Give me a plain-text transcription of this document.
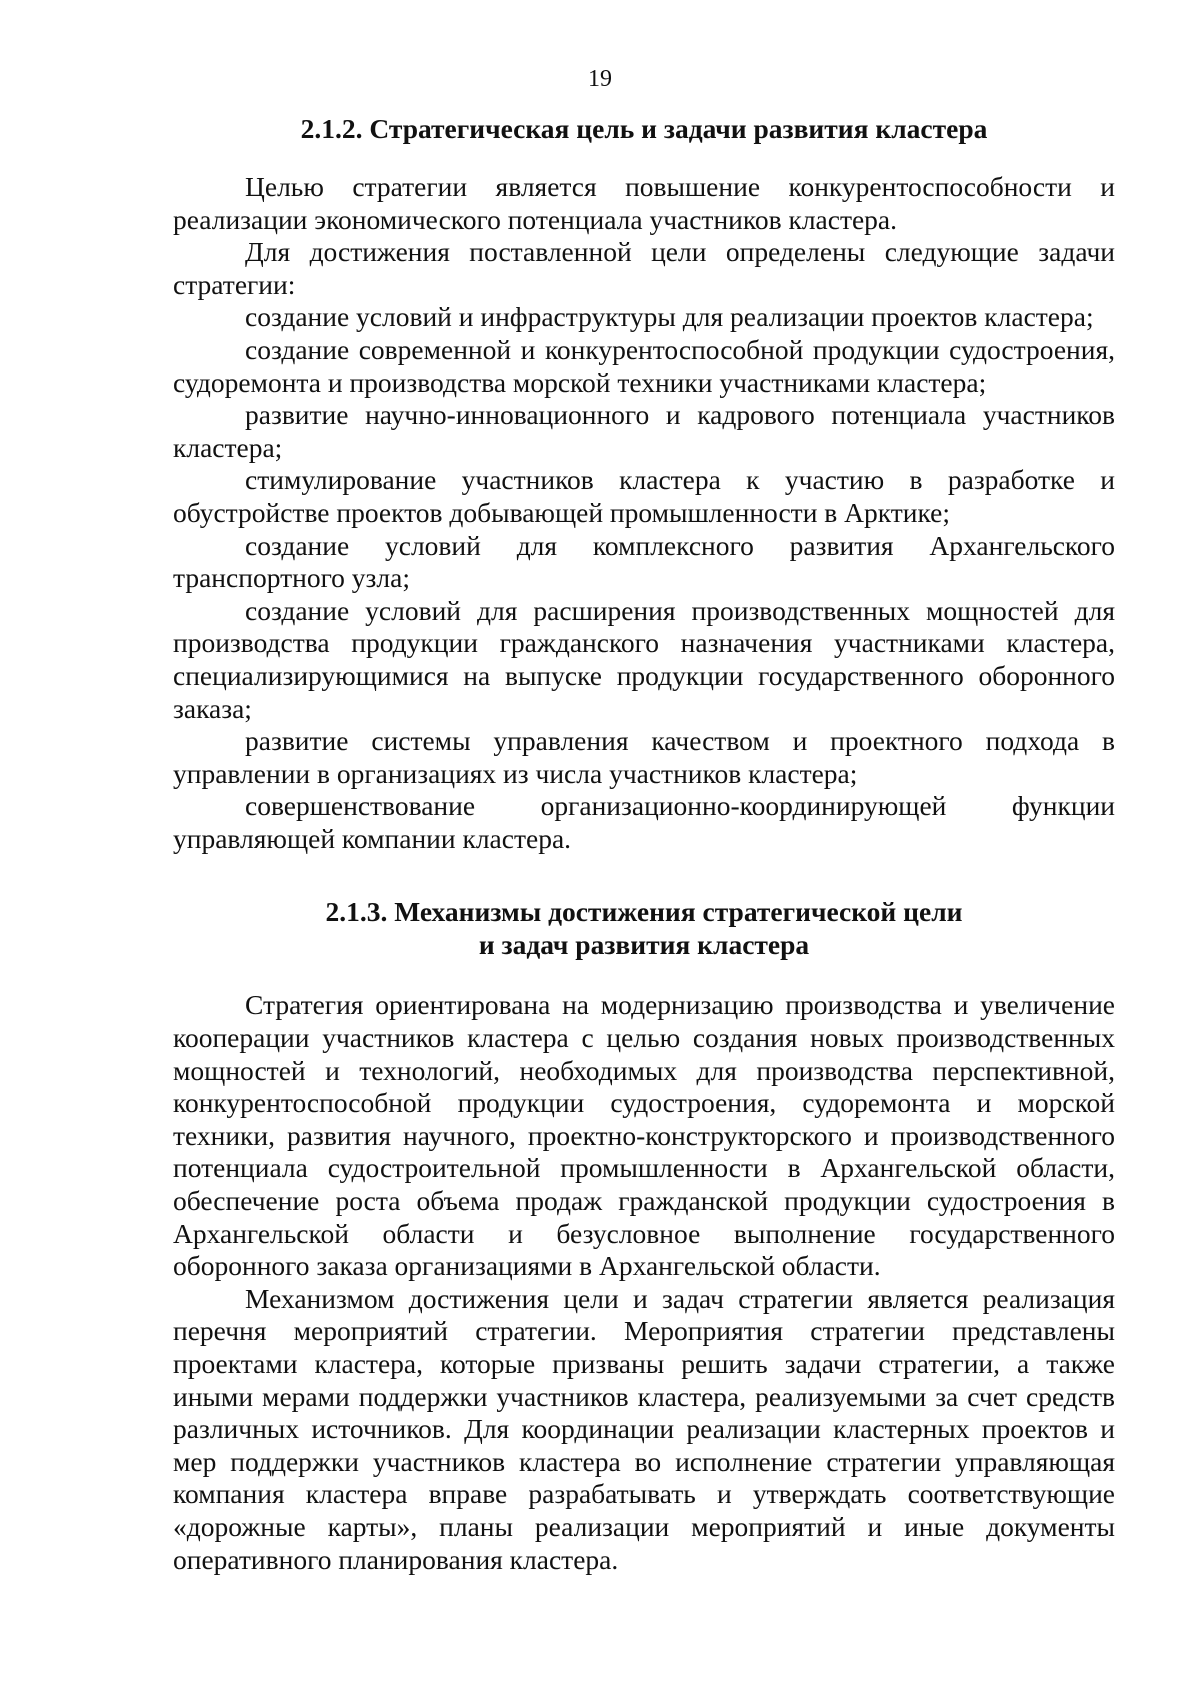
19
2.1.2. Стратегическая цель и задачи развития кластера

Целью стратегии является повышение конкурентоспособности и реализации экономического потенциала участников кластера.

Для достижения поставленной цели определены следующие задачи стратегии:

создание условий и инфраструктуры для реализации проектов кластера;

создание современной и конкурентоспособной продукции судостроения, судоремонта и производства морской техники участниками кластера;

развитие научно-инновационного и кадрового потенциала участников кластера;

стимулирование участников кластера к участию в разработке и обустройстве проектов добывающей промышленности в Арктике;

создание условий для комплексного развития Архангельского транспортного узла;

создание условий для расширения производственных мощностей для производства продукции гражданского назначения участниками кластера, специализирующимися на выпуске продукции государственного оборонного заказа;

развитие системы управления качеством и проектного подхода в управлении в организациях из числа участников кластера;

совершенствование организационно-координирующей функции управляющей компании кластера.

2.1.3. Механизмы достижения стратегической цели
и задач развития кластера

Стратегия ориентирована на модернизацию производства и увеличение кооперации участников кластера с целью создания новых производственных мощностей и технологий, необходимых для производства перспективной, конкурентоспособной продукции судостроения, судоремонта и морской техники, развития научного, проектно-конструкторского и производственного потенциала судостроительной промышленности в Архангельской области, обеспечение роста объема продаж гражданской продукции судостроения в Архангельской области и безусловное выполнение государственного оборонного заказа организациями в Архангельской области.

Механизмом достижения цели и задач стратегии является реализация перечня мероприятий стратегии. Мероприятия стратегии представлены проектами кластера, которые призваны решить задачи стратегии, а также иными мерами поддержки участников кластера, реализуемыми за счет средств различных источников. Для координации реализации кластерных проектов и мер поддержки участников кластера во исполнение стратегии управляющая компания кластера вправе разрабатывать и утверждать соответствующие «дорожные карты», планы реализации мероприятий и иные документы оперативного планирования кластера.
